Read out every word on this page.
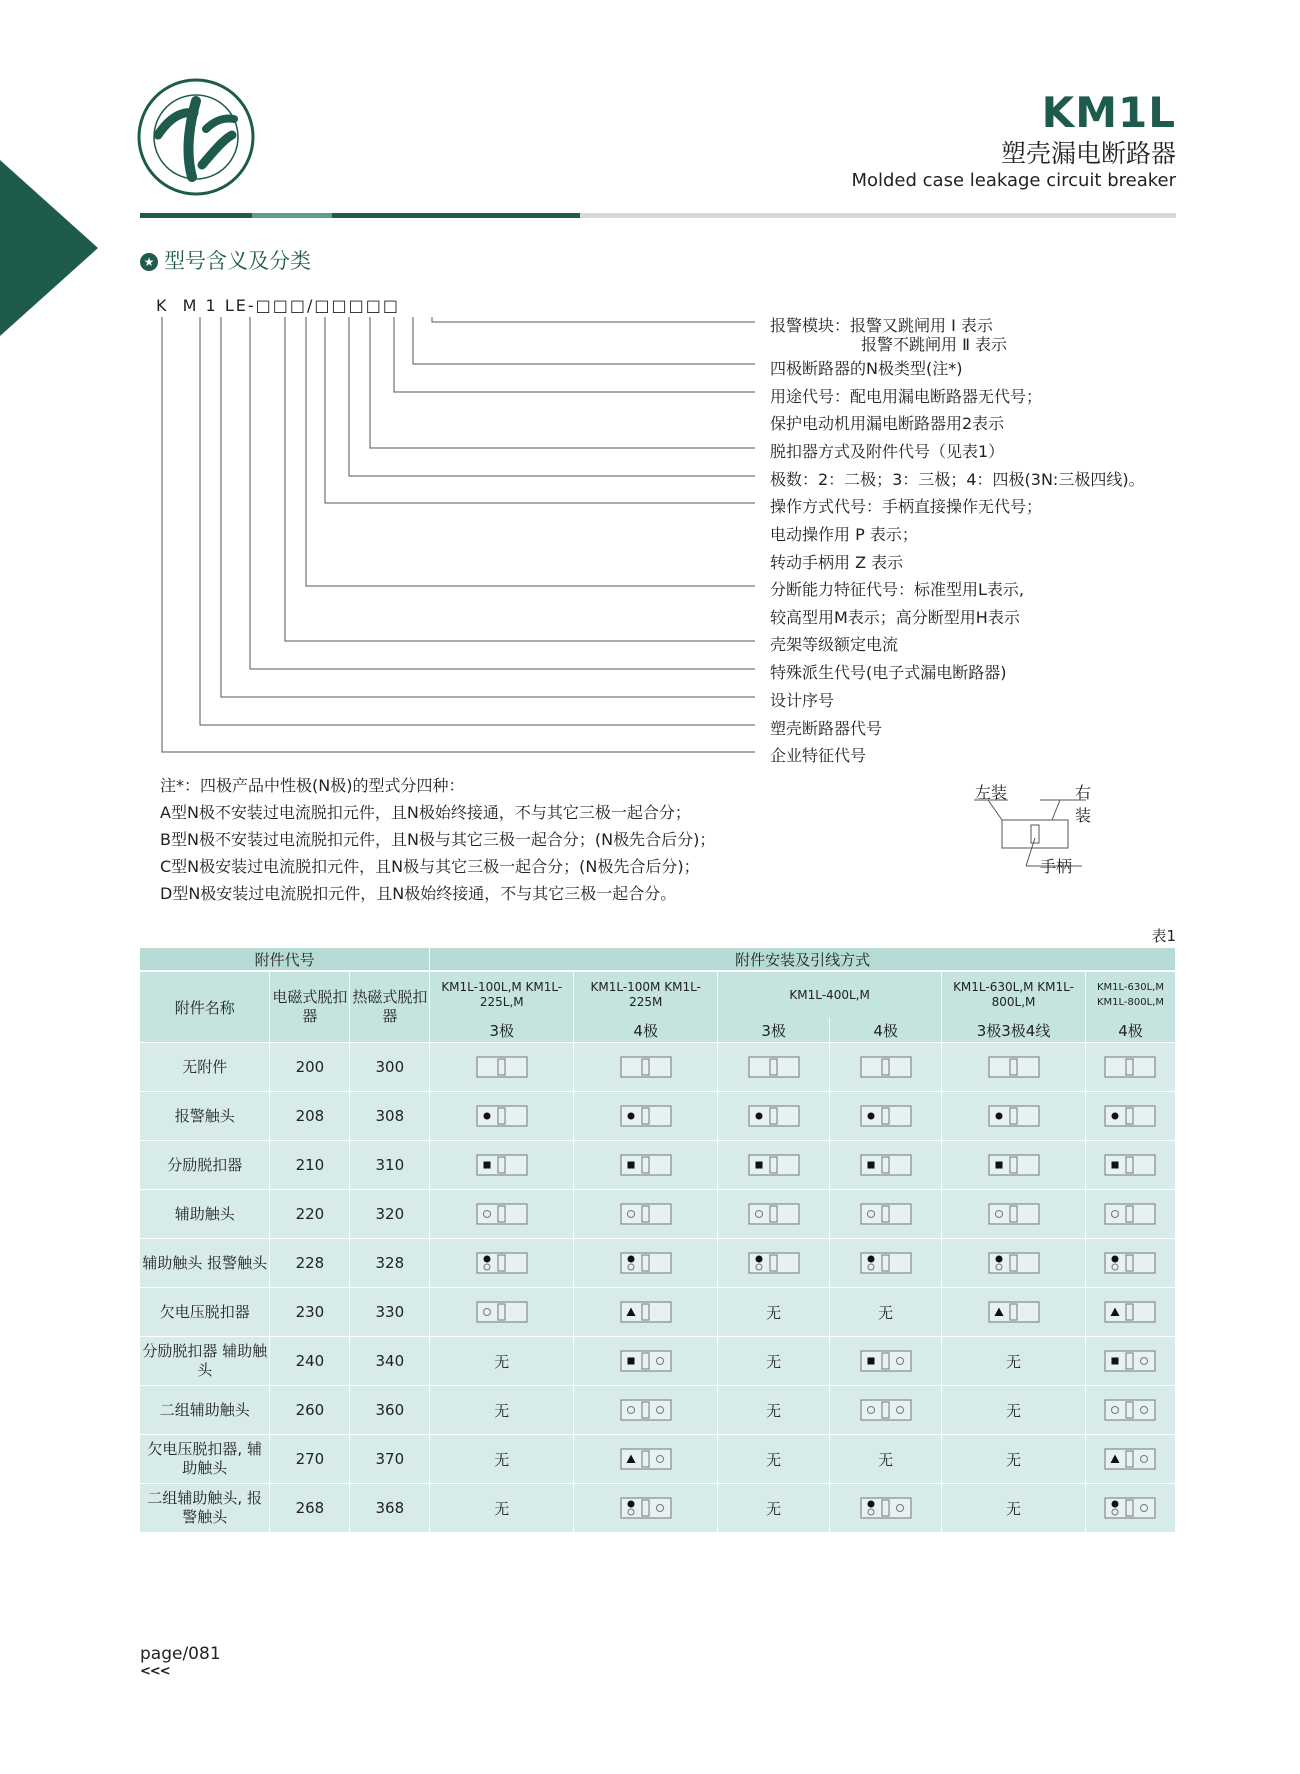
KM1L
塑壳漏电断路器
Molded case leakage circuit breaker
★ 型号含义及分类
K  M 1 LE-□□□/□□□□□
报警模块：报警又跳闸用 Ⅰ 表示
报警不跳闸用 Ⅱ 表示
四极断路器的N极类型(注*)
用途代号：配电用漏电断路器无代号；
保护电动机用漏电断路器用2表示
脱扣器方式及附件代号（见表1）
极数：2：二极；3：三极；4：四极(3N:三极四线)。
操作方式代号：手柄直接操作无代号；
电动操作用 P 表示；
转动手柄用 Z 表示
分断能力特征代号：标准型用L表示,
较高型用M表示；高分断型用H表示
壳架等级额定电流
特殊派生代号(电子式漏电断路器)
设计序号
塑壳断路器代号
企业特征代号
注*：四极产品中性极(N极)的型式分四种：
A型N极不安装过电流脱扣元件，且N极始终接通，不与其它三极一起合分；
B型N极不安装过电流脱扣元件，且N极与其它三极一起合分；(N极先合后分)；
C型N极安装过电流脱扣元件，且N极与其它三极一起合分；(N极先合后分)；
D型N极安装过电流脱扣元件，且N极始终接通，不与其它三极一起合分。
左装	右装
手柄
表1
附件代号			附件安装及引线方式					
附件名称	电磁式脱扣器	热磁式脱扣器	KM1L-100L,M KM1L-225L,M	KM1L-100M KM1L-225M	KM1L-400L,M		KM1L-630L,M KM1L-800L,M	KM1L-630L,M KM1L-800L,M
			3极	4极	3极	4极	3极3极4线	4极
无附件	200	300						
报警触头	208	308						
分励脱扣器	210	310						
辅助触头	220	320						
辅助触头 报警触头	228	328						
欠电压脱扣器	230	330			无	无		
分励脱扣器 辅助触头	240	340	无		无		无	
二组辅助触头	260	360	无		无		无	
欠电压脱扣器, 辅助触头	270	370	无		无	无	无	
二组辅助触头, 报警触头	268	368	无		无		无	
page/081
<<<
